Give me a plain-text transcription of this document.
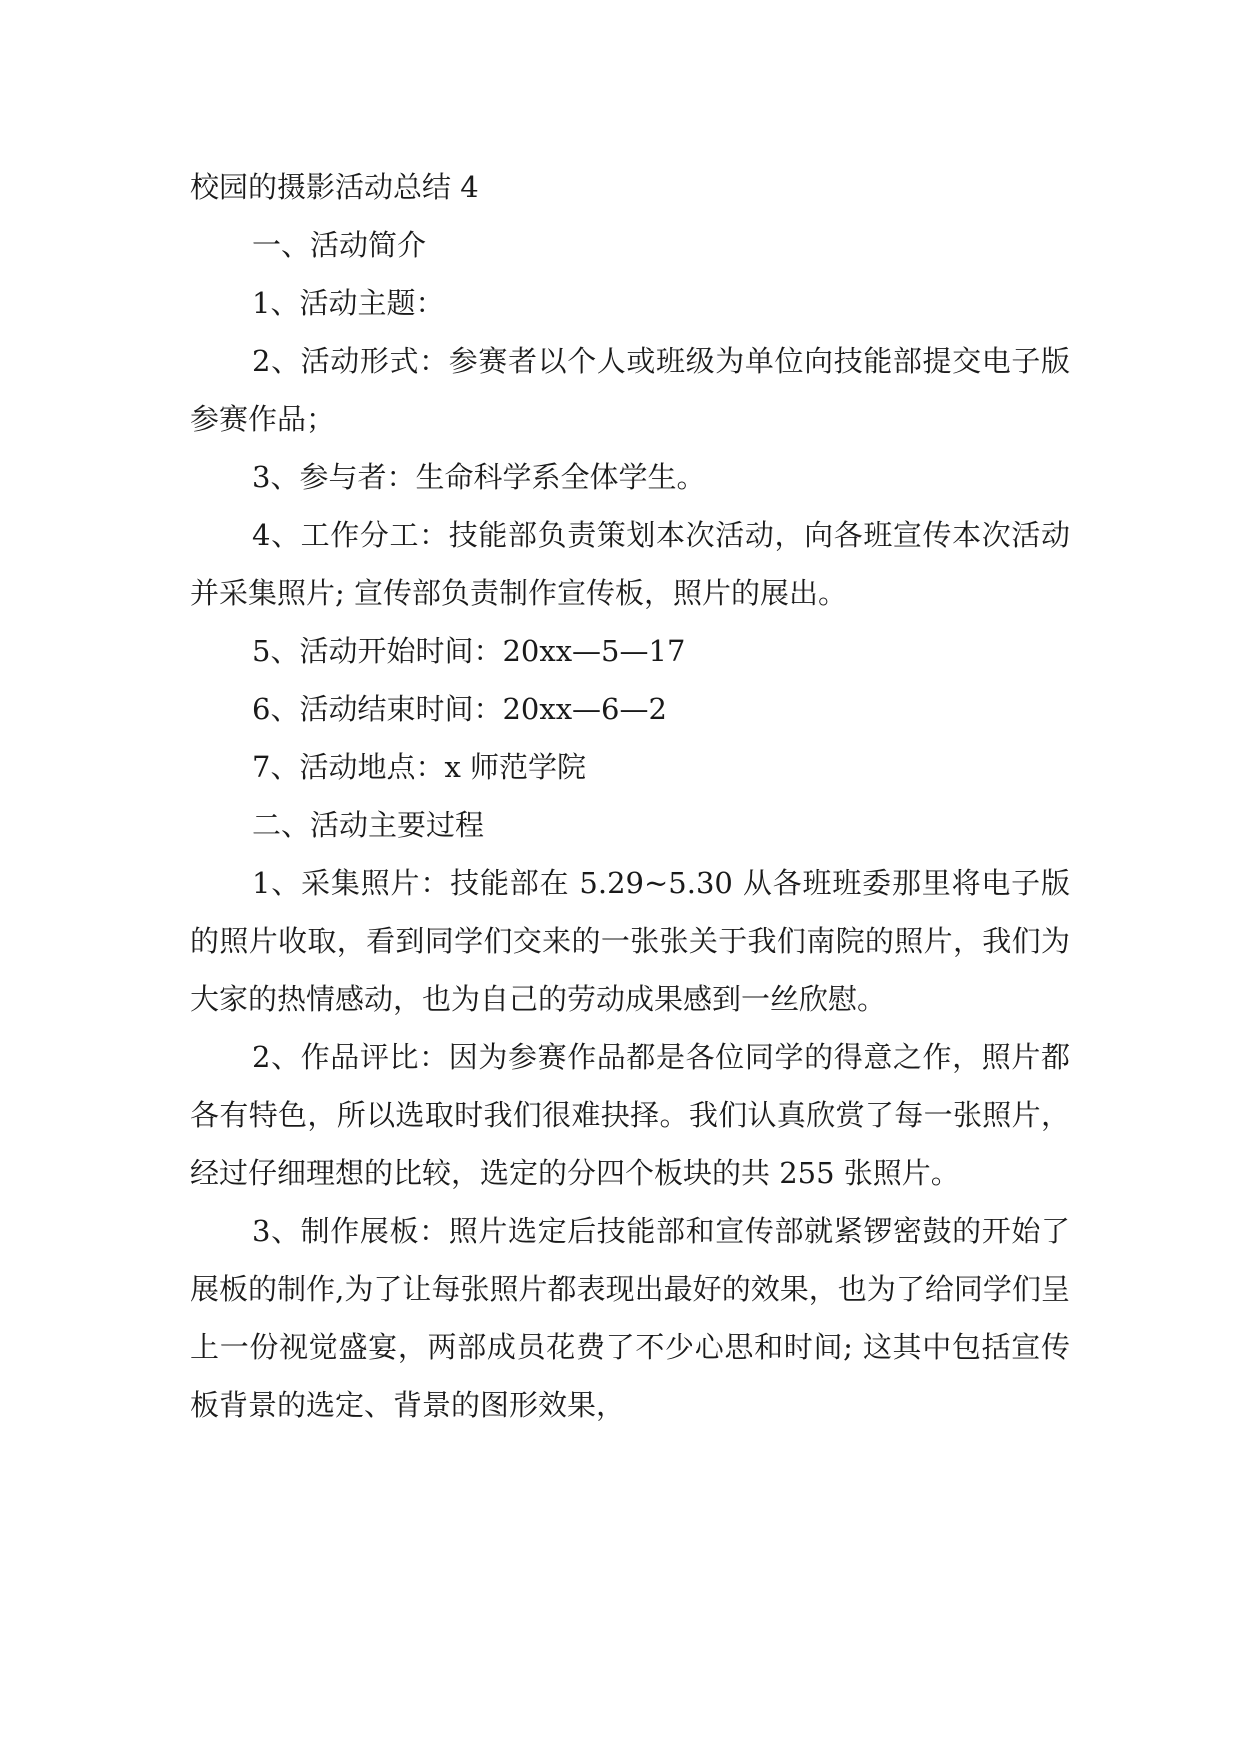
校园的摄影活动总结 4

一、活动简介

1、活动主题：

2、活动形式：参赛者以个人或班级为单位向技能部提交电子版参赛作品；

3、参与者：生命科学系全体学生。

4、工作分工：技能部负责策划本次活动，向各班宣传本次活动并采集照片; 宣传部负责制作宣传板，照片的展出。

5、活动开始时间：20xx—5—17

6、活动结束时间：20xx—6—2

7、活动地点：x 师范学院

二、活动主要过程

1、采集照片：技能部在 5.29~5.30 从各班班委那里将电子版的照片收取，看到同学们交来的一张张关于我们南院的照片，我们为大家的热情感动，也为自己的劳动成果感到一丝欣慰。

2、作品评比：因为参赛作品都是各位同学的得意之作，照片都各有特色，所以选取时我们很难抉择。我们认真欣赏了每一张照片，经过仔细理想的比较，选定的分四个板块的共 255 张照片。

3、制作展板：照片选定后技能部和宣传部就紧锣密鼓的开始了展板的制作,为了让每张照片都表现出最好的效果，也为了给同学们呈上一份视觉盛宴，两部成员花费了不少心思和时间; 这其中包括宣传板背景的选定、背景的图形效果，
